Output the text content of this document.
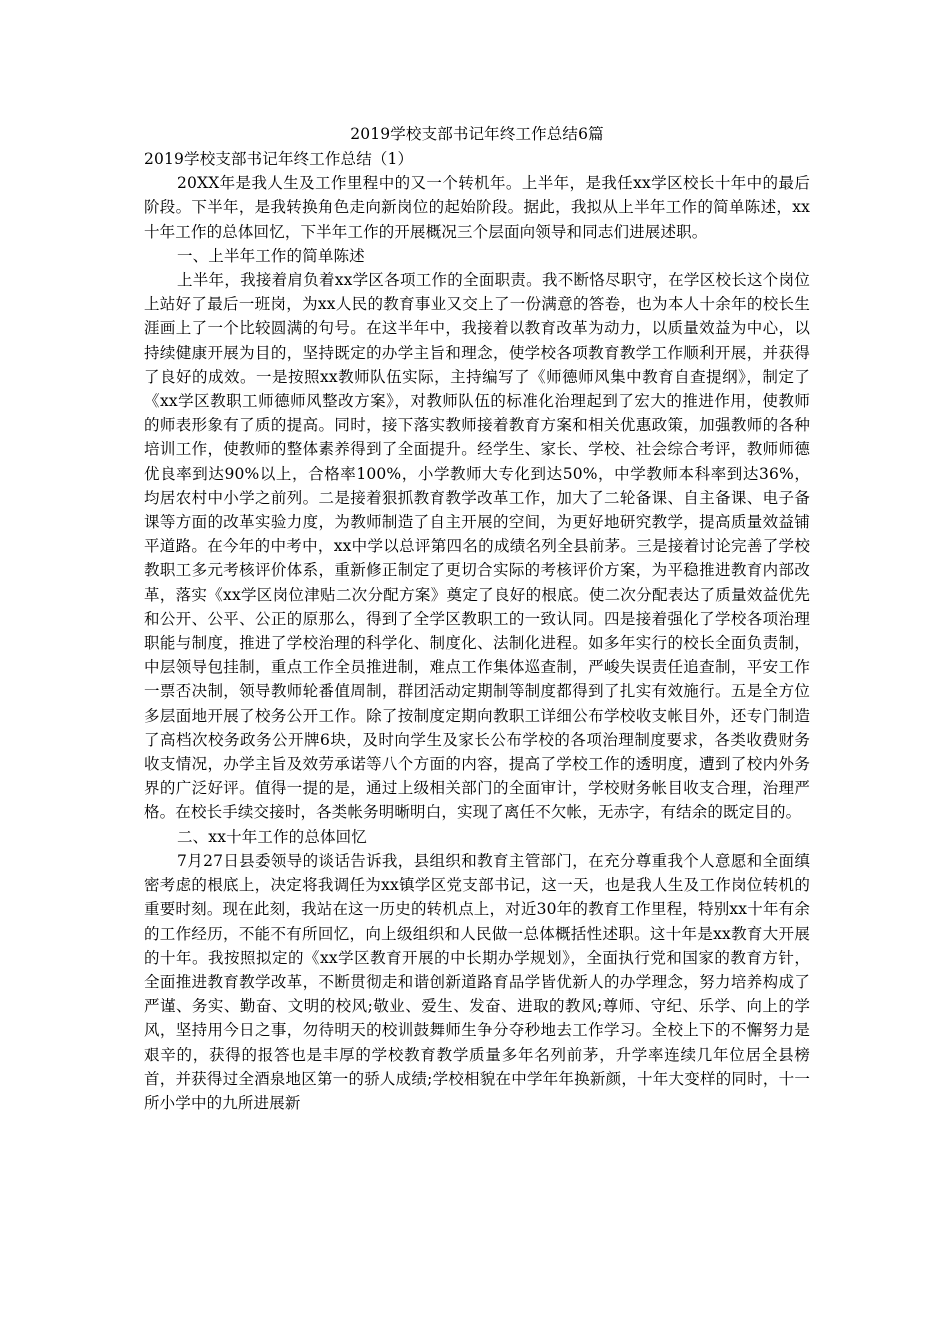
2019学校支部书记年终工作总结6篇

2019学校支部书记年终工作总结（1）

20XX年是我人生及工作里程中的又一个转机年。上半年，是我任xx学区校长十年中的最后阶段。下半年，是我转换角色走向新岗位的起始阶段。据此，我拟从上半年工作的简单陈述，xx十年工作的总体回忆，下半年工作的开展概况三个层面向领导和同志们进展述职。

一、上半年工作的简单陈述

上半年，我接着肩负着xx学区各项工作的全面职责。我不断恪尽职守，在学区校长这个岗位上站好了最后一班岗，为xx人民的教育事业又交上了一份满意的答卷，也为本人十余年的校长生涯画上了一个比较圆满的句号。在这半年中，我接着以教育改革为动力，以质量效益为中心，以持续健康开展为目的，坚持既定的办学主旨和理念，使学校各项教育教学工作顺利开展，并获得了良好的成效。一是按照xx教师队伍实际，主持编写了《师德师风集中教育自查提纲》，制定了《xx学区教职工师德师风整改方案》，对教师队伍的标准化治理起到了宏大的推进作用，使教师的师表形象有了质的提高。同时，接下落实教师接着教育方案和相关优惠政策，加强教师的各种培训工作，使教师的整体素养得到了全面提升。经学生、家长、学校、社会综合考评，教师师德优良率到达90%以上，合格率100%，小学教师大专化到达50%，中学教师本科率到达36%，均居农村中小学之前列。二是接着狠抓教育教学改革工作，加大了二轮备课、自主备课、电子备课等方面的改革实验力度，为教师制造了自主开展的空间，为更好地研究教学，提高质量效益铺平道路。在今年的中考中，xx中学以总评第四名的成绩名列全县前茅。三是接着讨论完善了学校教职工多元考核评价体系，重新修正制定了更切合实际的考核评价方案，为平稳推进教育内部改革，落实《xx学区岗位津贴二次分配方案》奠定了良好的根底。使二次分配表达了质量效益优先和公开、公平、公正的原那么，得到了全学区教职工的一致认同。四是接着强化了学校各项治理职能与制度，推进了学校治理的科学化、制度化、法制化进程。如多年实行的校长全面负责制，中层领导包挂制，重点工作全员推进制，难点工作集体巡查制，严峻失误责任追查制，平安工作一票否决制，领导教师轮番值周制，群团活动定期制等制度都得到了扎实有效施行。五是全方位多层面地开展了校务公开工作。除了按制度定期向教职工详细公布学校收支帐目外，还专门制造了高档次校务政务公开牌6块，及时向学生及家长公布学校的各项治理制度要求，各类收费财务收支情况，办学主旨及效劳承诺等八个方面的内容，提高了学校工作的透明度，遭到了校内外务界的广泛好评。值得一提的是，通过上级相关部门的全面审计，学校财务帐目收支合理，治理严格。在校长手续交接时，各类帐务明晰明白，实现了离任不欠帐，无赤字，有结余的既定目的。

二、xx十年工作的总体回忆

7月27日县委领导的谈话告诉我，县组织和教育主管部门，在充分尊重我个人意愿和全面缜密考虑的根底上，决定将我调任为xx镇学区党支部书记，这一天，也是我人生及工作岗位转机的重要时刻。现在此刻，我站在这一历史的转机点上，对近30年的教育工作里程，特别xx十年有余的工作经历，不能不有所回忆，向上级组织和人民做一总体概括性述职。这十年是xx教育大开展的十年。我按照拟定的《xx学区教育开展的中长期办学规划》，全面执行党和国家的教育方针，全面推进教育教学改革，不断贯彻走和谐创新道路育品学皆优新人的办学理念，努力培养构成了严谨、务实、勤奋、文明的校风;敬业、爱生、发奋、进取的教风;尊师、守纪、乐学、向上的学风，坚持用今日之事，勿待明天的校训鼓舞师生争分夺秒地去工作学习。全校上下的不懈努力是艰辛的，获得的报答也是丰厚的学校教育教学质量多年名列前茅，升学率连续几年位居全县榜首，并获得过全酒泉地区第一的骄人成绩;学校相貌在中学年年换新颜，十年大变样的同时，十一所小学中的九所进展新
